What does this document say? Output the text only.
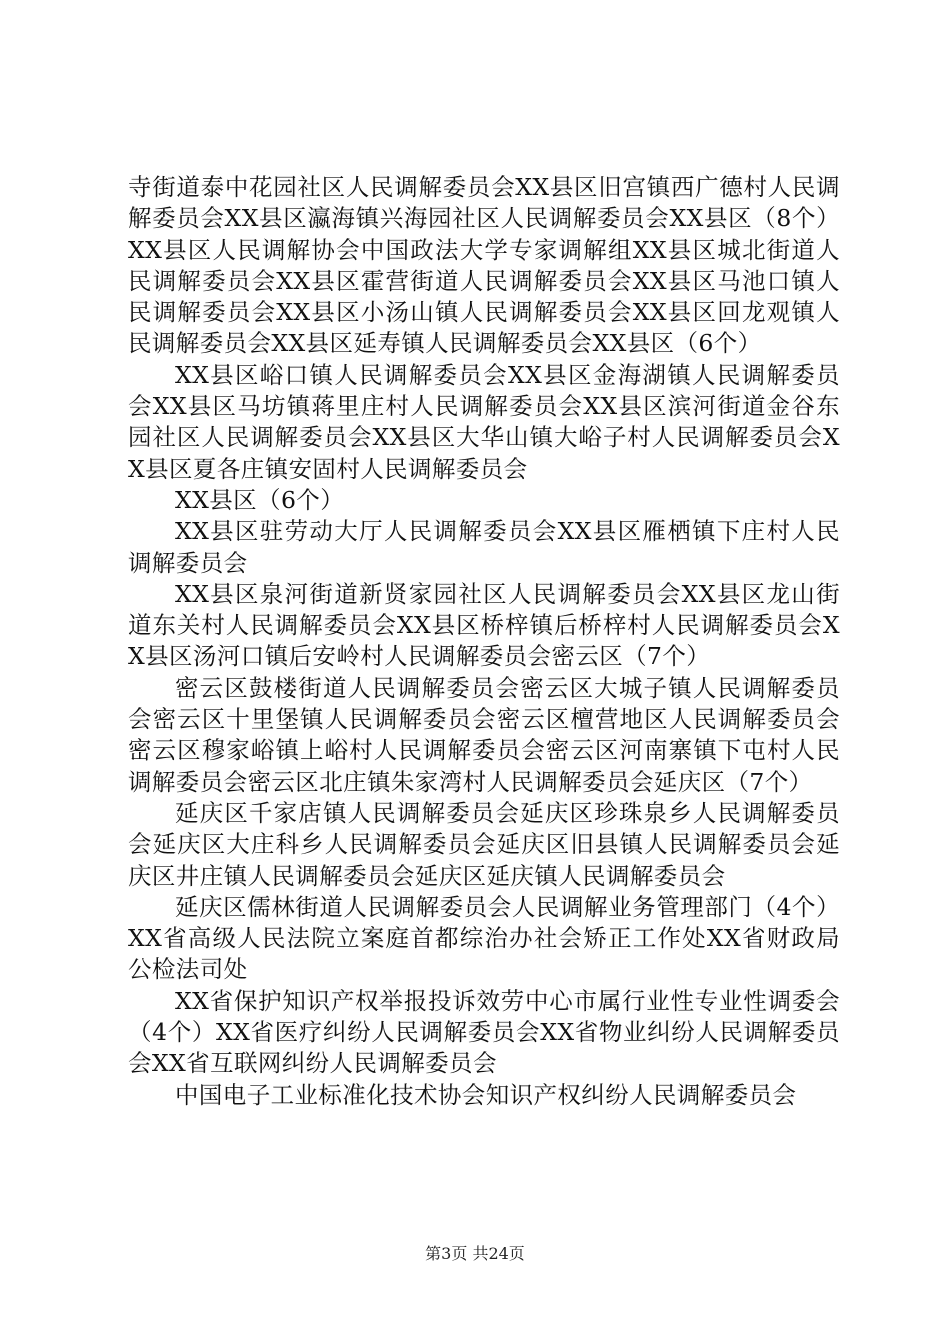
寺街道泰中花园社区人民调解委员会XX县区旧宫镇西广德村人民调解委员会XX县区瀛海镇兴海园社区人民调解委员会XX县区（8个）XX县区人民调解协会中国政法大学专家调解组XX县区城北街道人民调解委员会XX县区霍营街道人民调解委员会XX县区马池口镇人民调解委员会XX县区小汤山镇人民调解委员会XX县区回龙观镇人民调解委员会XX县区延寿镇人民调解委员会XX县区（6个）

XX县区峪口镇人民调解委员会XX县区金海湖镇人民调解委员会XX县区马坊镇蒋里庄村人民调解委员会XX县区滨河街道金谷东园社区人民调解委员会XX县区大华山镇大峪子村人民调解委员会XX县区夏各庄镇安固村人民调解委员会

XX县区（6个）

XX县区驻劳动大厅人民调解委员会XX县区雁栖镇下庄村人民调解委员会

XX县区泉河街道新贤家园社区人民调解委员会XX县区龙山街道东关村人民调解委员会XX县区桥梓镇后桥梓村人民调解委员会XX县区汤河口镇后安岭村人民调解委员会密云区（7个）

密云区鼓楼街道人民调解委员会密云区大城子镇人民调解委员会密云区十里堡镇人民调解委员会密云区檀营地区人民调解委员会密云区穆家峪镇上峪村人民调解委员会密云区河南寨镇下屯村人民调解委员会密云区北庄镇朱家湾村人民调解委员会延庆区（7个）

延庆区千家店镇人民调解委员会延庆区珍珠泉乡人民调解委员会延庆区大庄科乡人民调解委员会延庆区旧县镇人民调解委员会延庆区井庄镇人民调解委员会延庆区延庆镇人民调解委员会

延庆区儒林街道人民调解委员会人民调解业务管理部门（4个）XX省高级人民法院立案庭首都综治办社会矫正工作处XX省财政局公检法司处

XX省保护知识产权举报投诉效劳中心市属行业性专业性调委会（4个）XX省医疗纠纷人民调解委员会XX省物业纠纷人民调解委员会XX省互联网纠纷人民调解委员会

中国电子工业标准化技术协会知识产权纠纷人民调解委员会

第3页 共24页
